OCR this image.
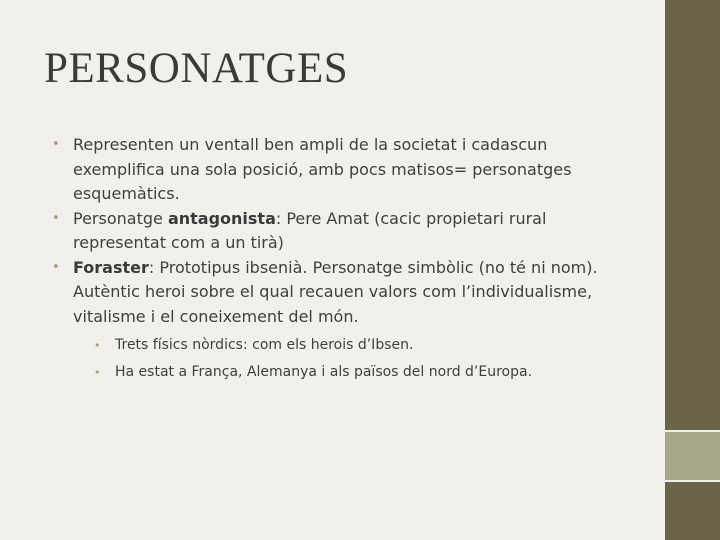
PERSONATGES
• Representen un ventall ben ampli de la societat i cadascun exemplifica una sola posició, amb pocs matisos= personatges esquemàtics.
• Personatge antagonista: Pere Amat (cacic propietari rural representat com a un tirà)
• Foraster: Prototipus ibsenià. Personatge simbòlic (no té ni nom). Autèntic heroi sobre el qual recauen valors com l’individualisme, vitalisme i el coneixement del món.
• Trets físics nòrdics: com els herois d’Ibsen.
• Ha estat a França, Alemanya i als països del nord d’Europa.
